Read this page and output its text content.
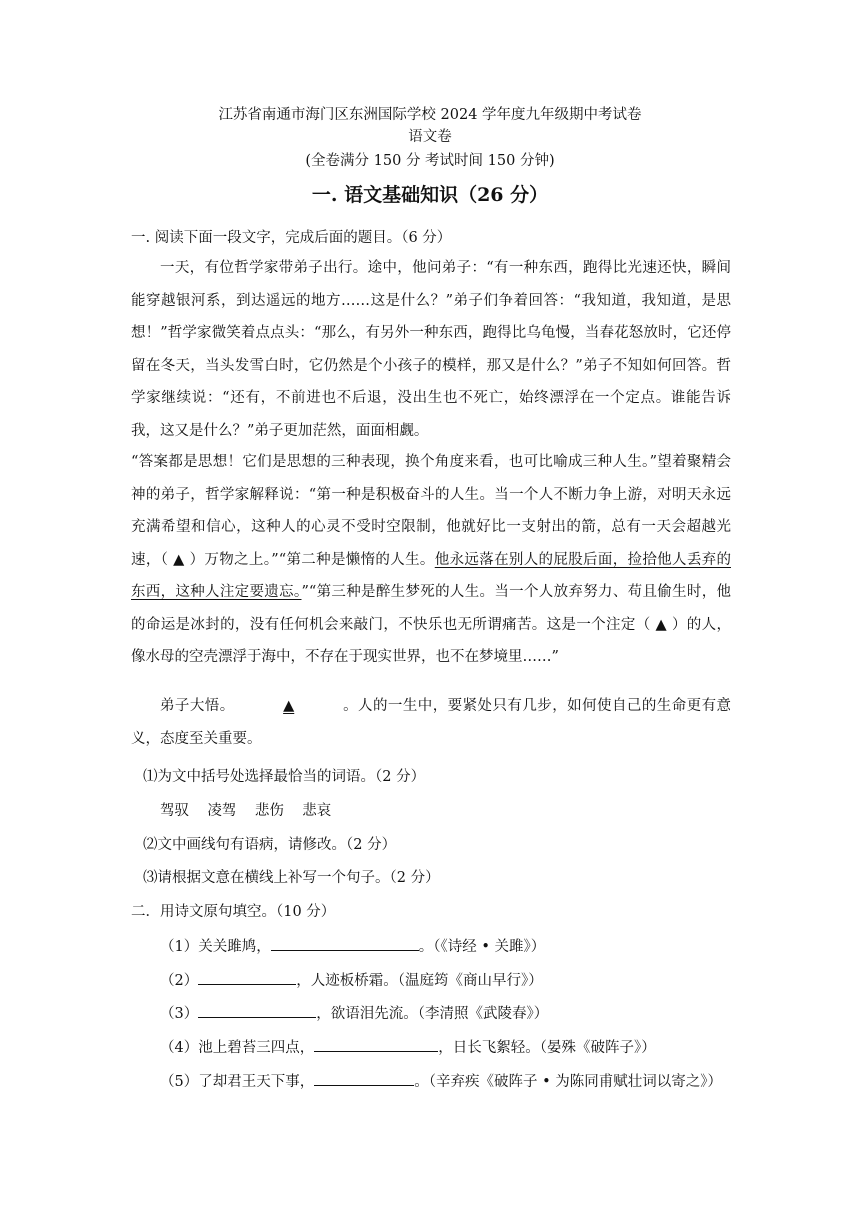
江苏省南通市海门区东洲国际学校 2024 学年度九年级期中考试卷
语文卷
(全卷满分 150 分 考试时间 150 分钟)
一. 语文基础知识（26 分）
一. 阅读下面一段文字，完成后面的题目。（6 分）
一天，有位哲学家带弟子出行。途中，他问弟子：“有一种东西，跑得比光速还快，瞬间能穿越银河系，到达遥远的地方……这是什么？”弟子们争着回答：“我知道，我知道，是思想！”哲学家微笑着点点头：“那么，有另外一种东西，跑得比乌龟慢，当春花怒放时，它还停留在冬天，当头发雪白时，它仍然是个小孩子的模样，那又是什么？”弟子不知如何回答。哲学家继续说：“还有，不前进也不后退，没出生也不死亡，始终漂浮在一个定点。谁能告诉我，这又是什么？”弟子更加茫然，面面相觑。
“答案都是思想！它们是思想的三种表现，换个角度来看，也可比喻成三种人生。”望着聚精会神的弟子，哲学家解释说：“第一种是积极奋斗的人生。当一个人不断力争上游，对明天永远充满希望和信心，这种人的心灵不受时空限制，他就好比一支射出的箭，总有一天会超越光速，（ ▲ ）万物之上。”“第二种是懒惰的人生。他永远落在别人的屁股后面，捡拾他人丢弃的东西，这种人注定要遗忘。”“第三种是醉生梦死的人生。当一个人放弃努力、苟且偷生时，他的命运是冰封的，没有任何机会来敲门，不快乐也无所谓痛苦。这是一个注定（ ▲ ）的人，像水母的空壳漂浮于海中，不存在于现实世界，也不在梦境里……”
弟子大悟。	▲	。人的一生中，要紧处只有几步，如何使自己的生命更有意义，态度至关重要。
⑴为文中括号处选择最恰当的词语。（2 分）
驾驭    凌驾    悲伤    悲哀
⑵文中画线句有语病，请修改。（2 分）
⑶请根据文意在横线上补写一个句子。（2 分）
二．用诗文原句填空。（10 分）
（1）关关雎鸠，	。（《诗经 • 关雎》）
（2）	，人迹板桥霜。（温庭筠《商山早行》）
（3）	，欲语泪先流。（李清照《武陵春》）
（4）池上碧苔三四点，	，日长飞絮轻。（晏殊《破阵子》）
（5）了却君王天下事，	。（辛弃疾《破阵子 • 为陈同甫赋壮词以寄之》）
